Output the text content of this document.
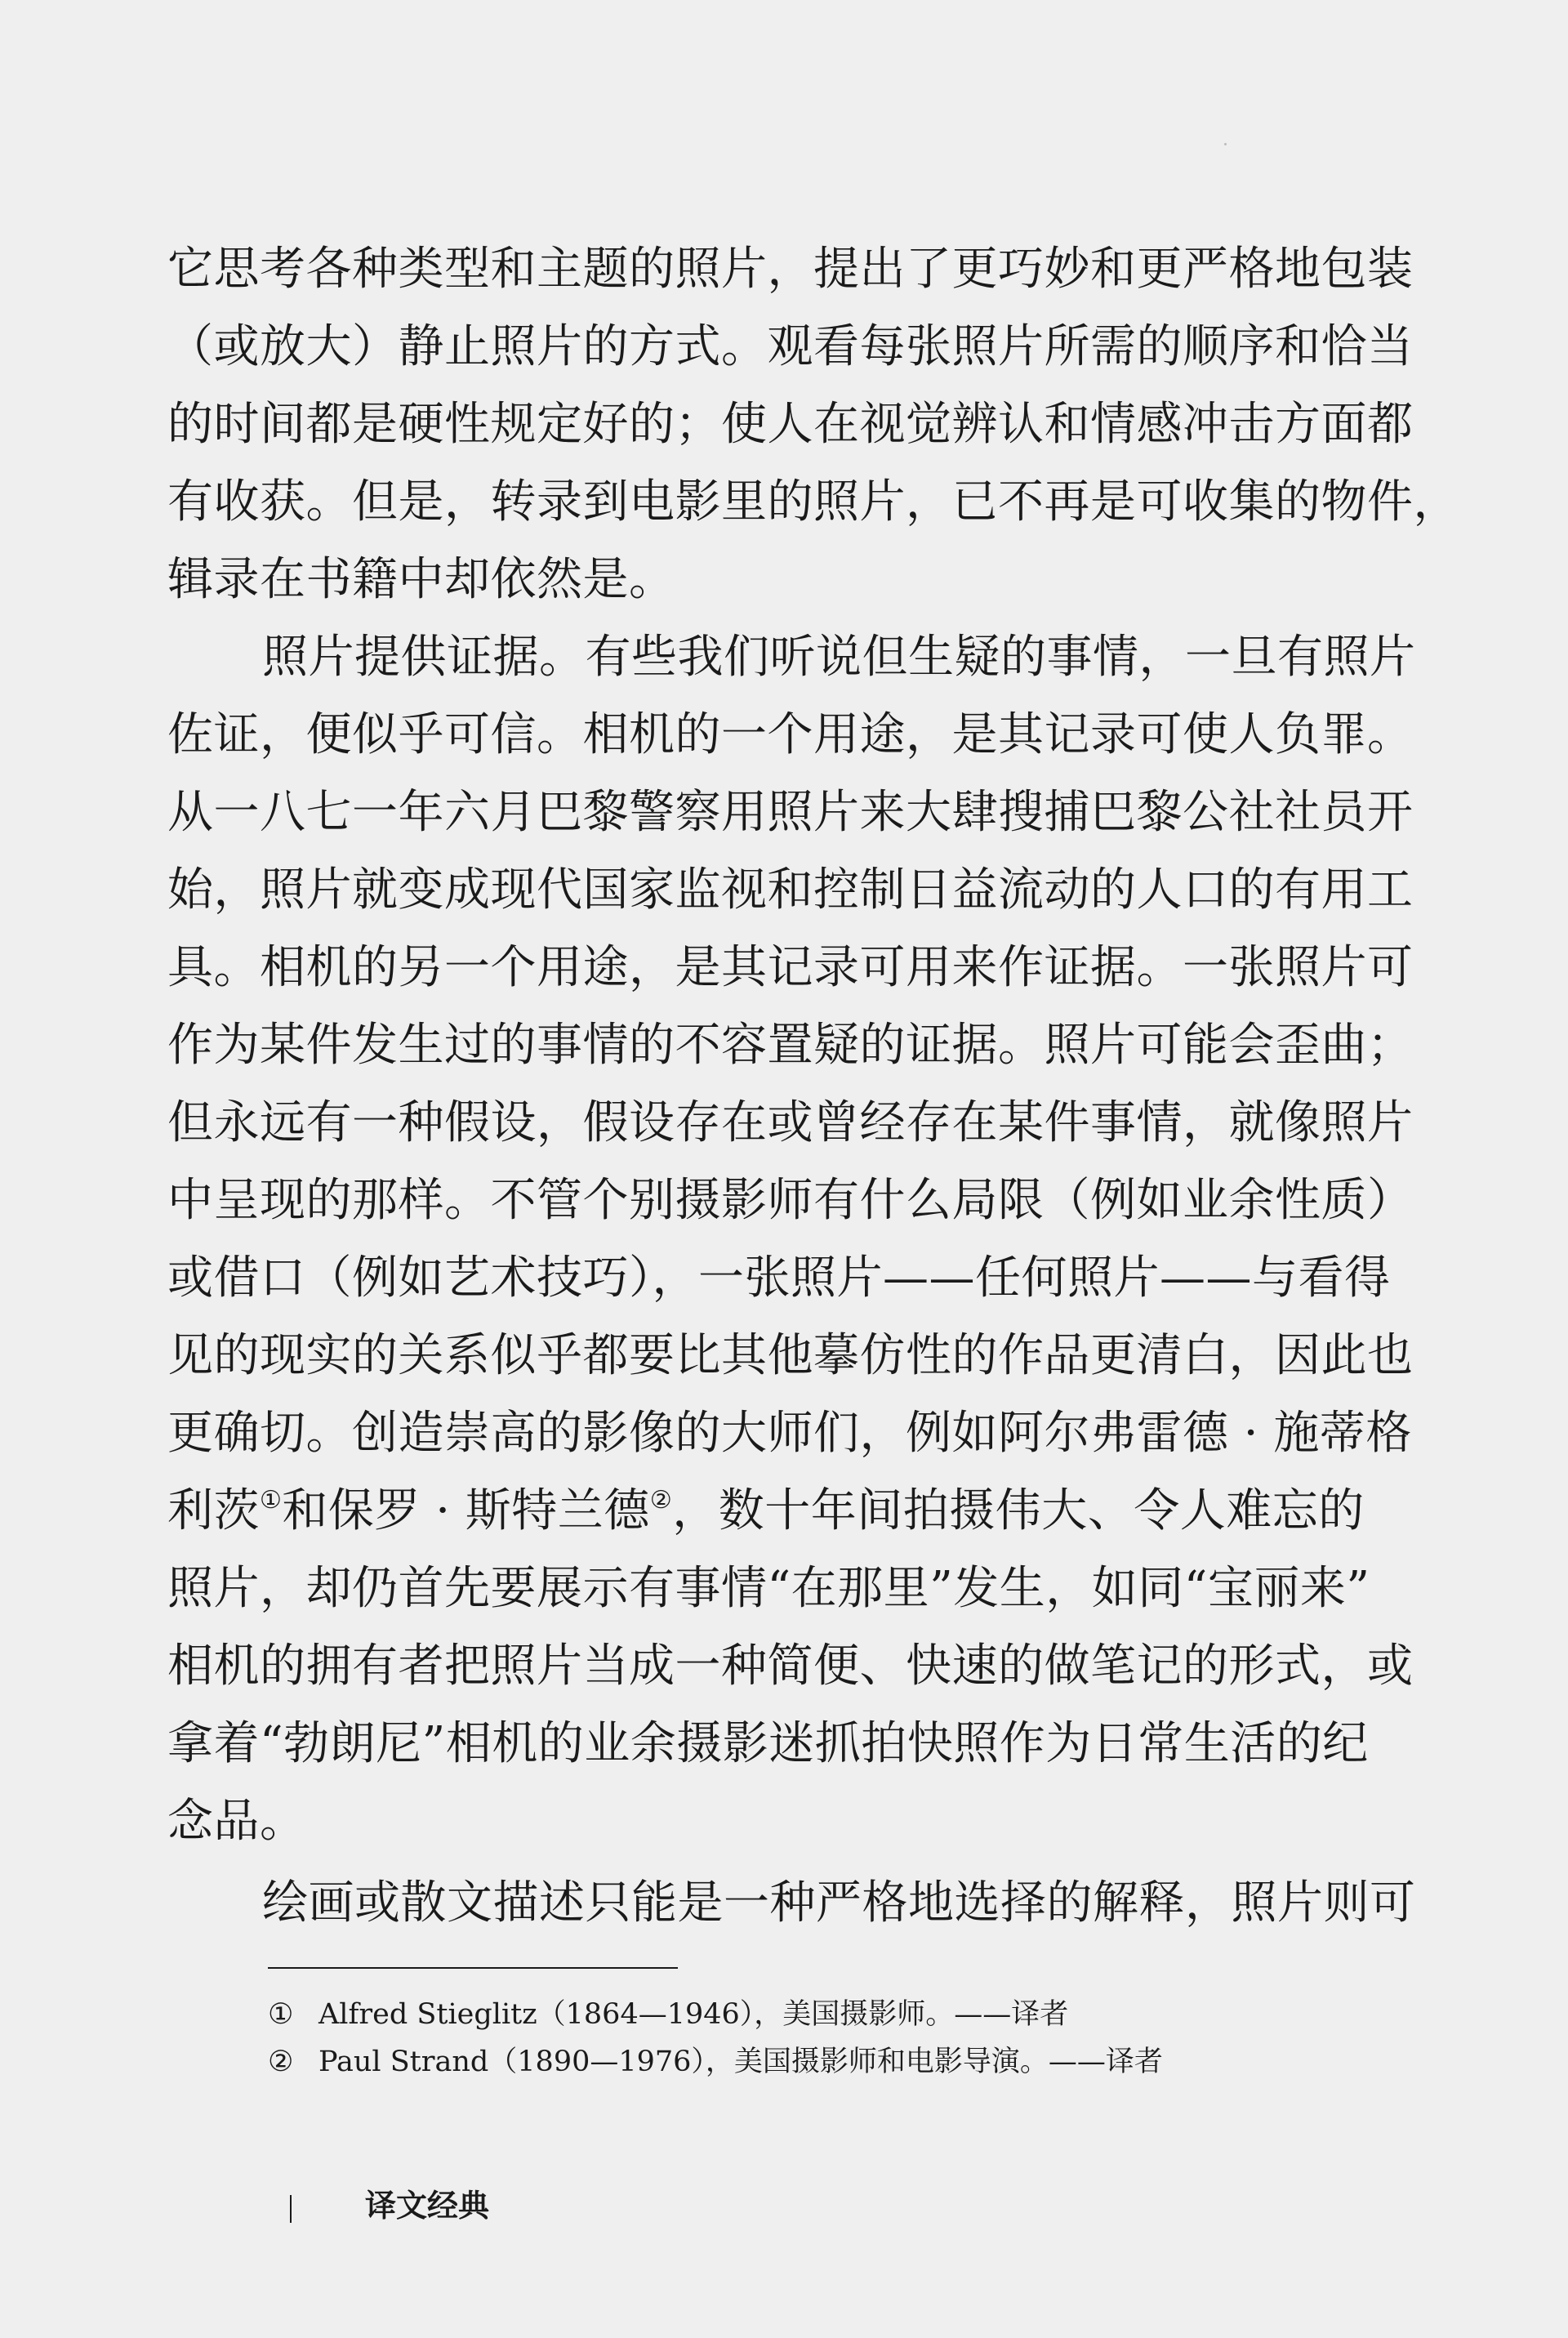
它思考各种类型和主题的照片，提出了更巧妙和更严格地包装
（或放大）静止照片的方式。观看每张照片所需的顺序和恰当
的时间都是硬性规定好的；使人在视觉辨认和情感冲击方面都
有收获。但是，转录到电影里的照片，已不再是可收集的物件，
辑录在书籍中却依然是。
照片提供证据。有些我们听说但生疑的事情，一旦有照片
佐证，便似乎可信。相机的一个用途，是其记录可使人负罪。
从一八七一年六月巴黎警察用照片来大肆搜捕巴黎公社社员开
始，照片就变成现代国家监视和控制日益流动的人口的有用工
具。相机的另一个用途，是其记录可用来作证据。一张照片可
作为某件发生过的事情的不容置疑的证据。照片可能会歪曲；
但永远有一种假设，假设存在或曾经存在某件事情，就像照片
中呈现的那样。不管个别摄影师有什么局限（例如业余性质）
或借口（例如艺术技巧），一张照片——任何照片——与看得
见的现实的关系似乎都要比其他摹仿性的作品更清白，因此也
更确切。创造崇高的影像的大师们，例如阿尔弗雷德 · 施蒂格
利茨①和保罗 · 斯特兰德②，数十年间拍摄伟大、令人难忘的
照片，却仍首先要展示有事情“在那里”发生，如同“宝丽来”
相机的拥有者把照片当成一种简便、快速的做笔记的形式，或
拿着“勃朗尼”相机的业余摄影迷抓拍快照作为日常生活的纪
念品。
绘画或散文描述只能是一种严格地选择的解释，照片则可
① Alfred Stieglitz（1864—1946），美国摄影师。——译者
② Paul Strand（1890—1976），美国摄影师和电影导演。——译者
译文经典
